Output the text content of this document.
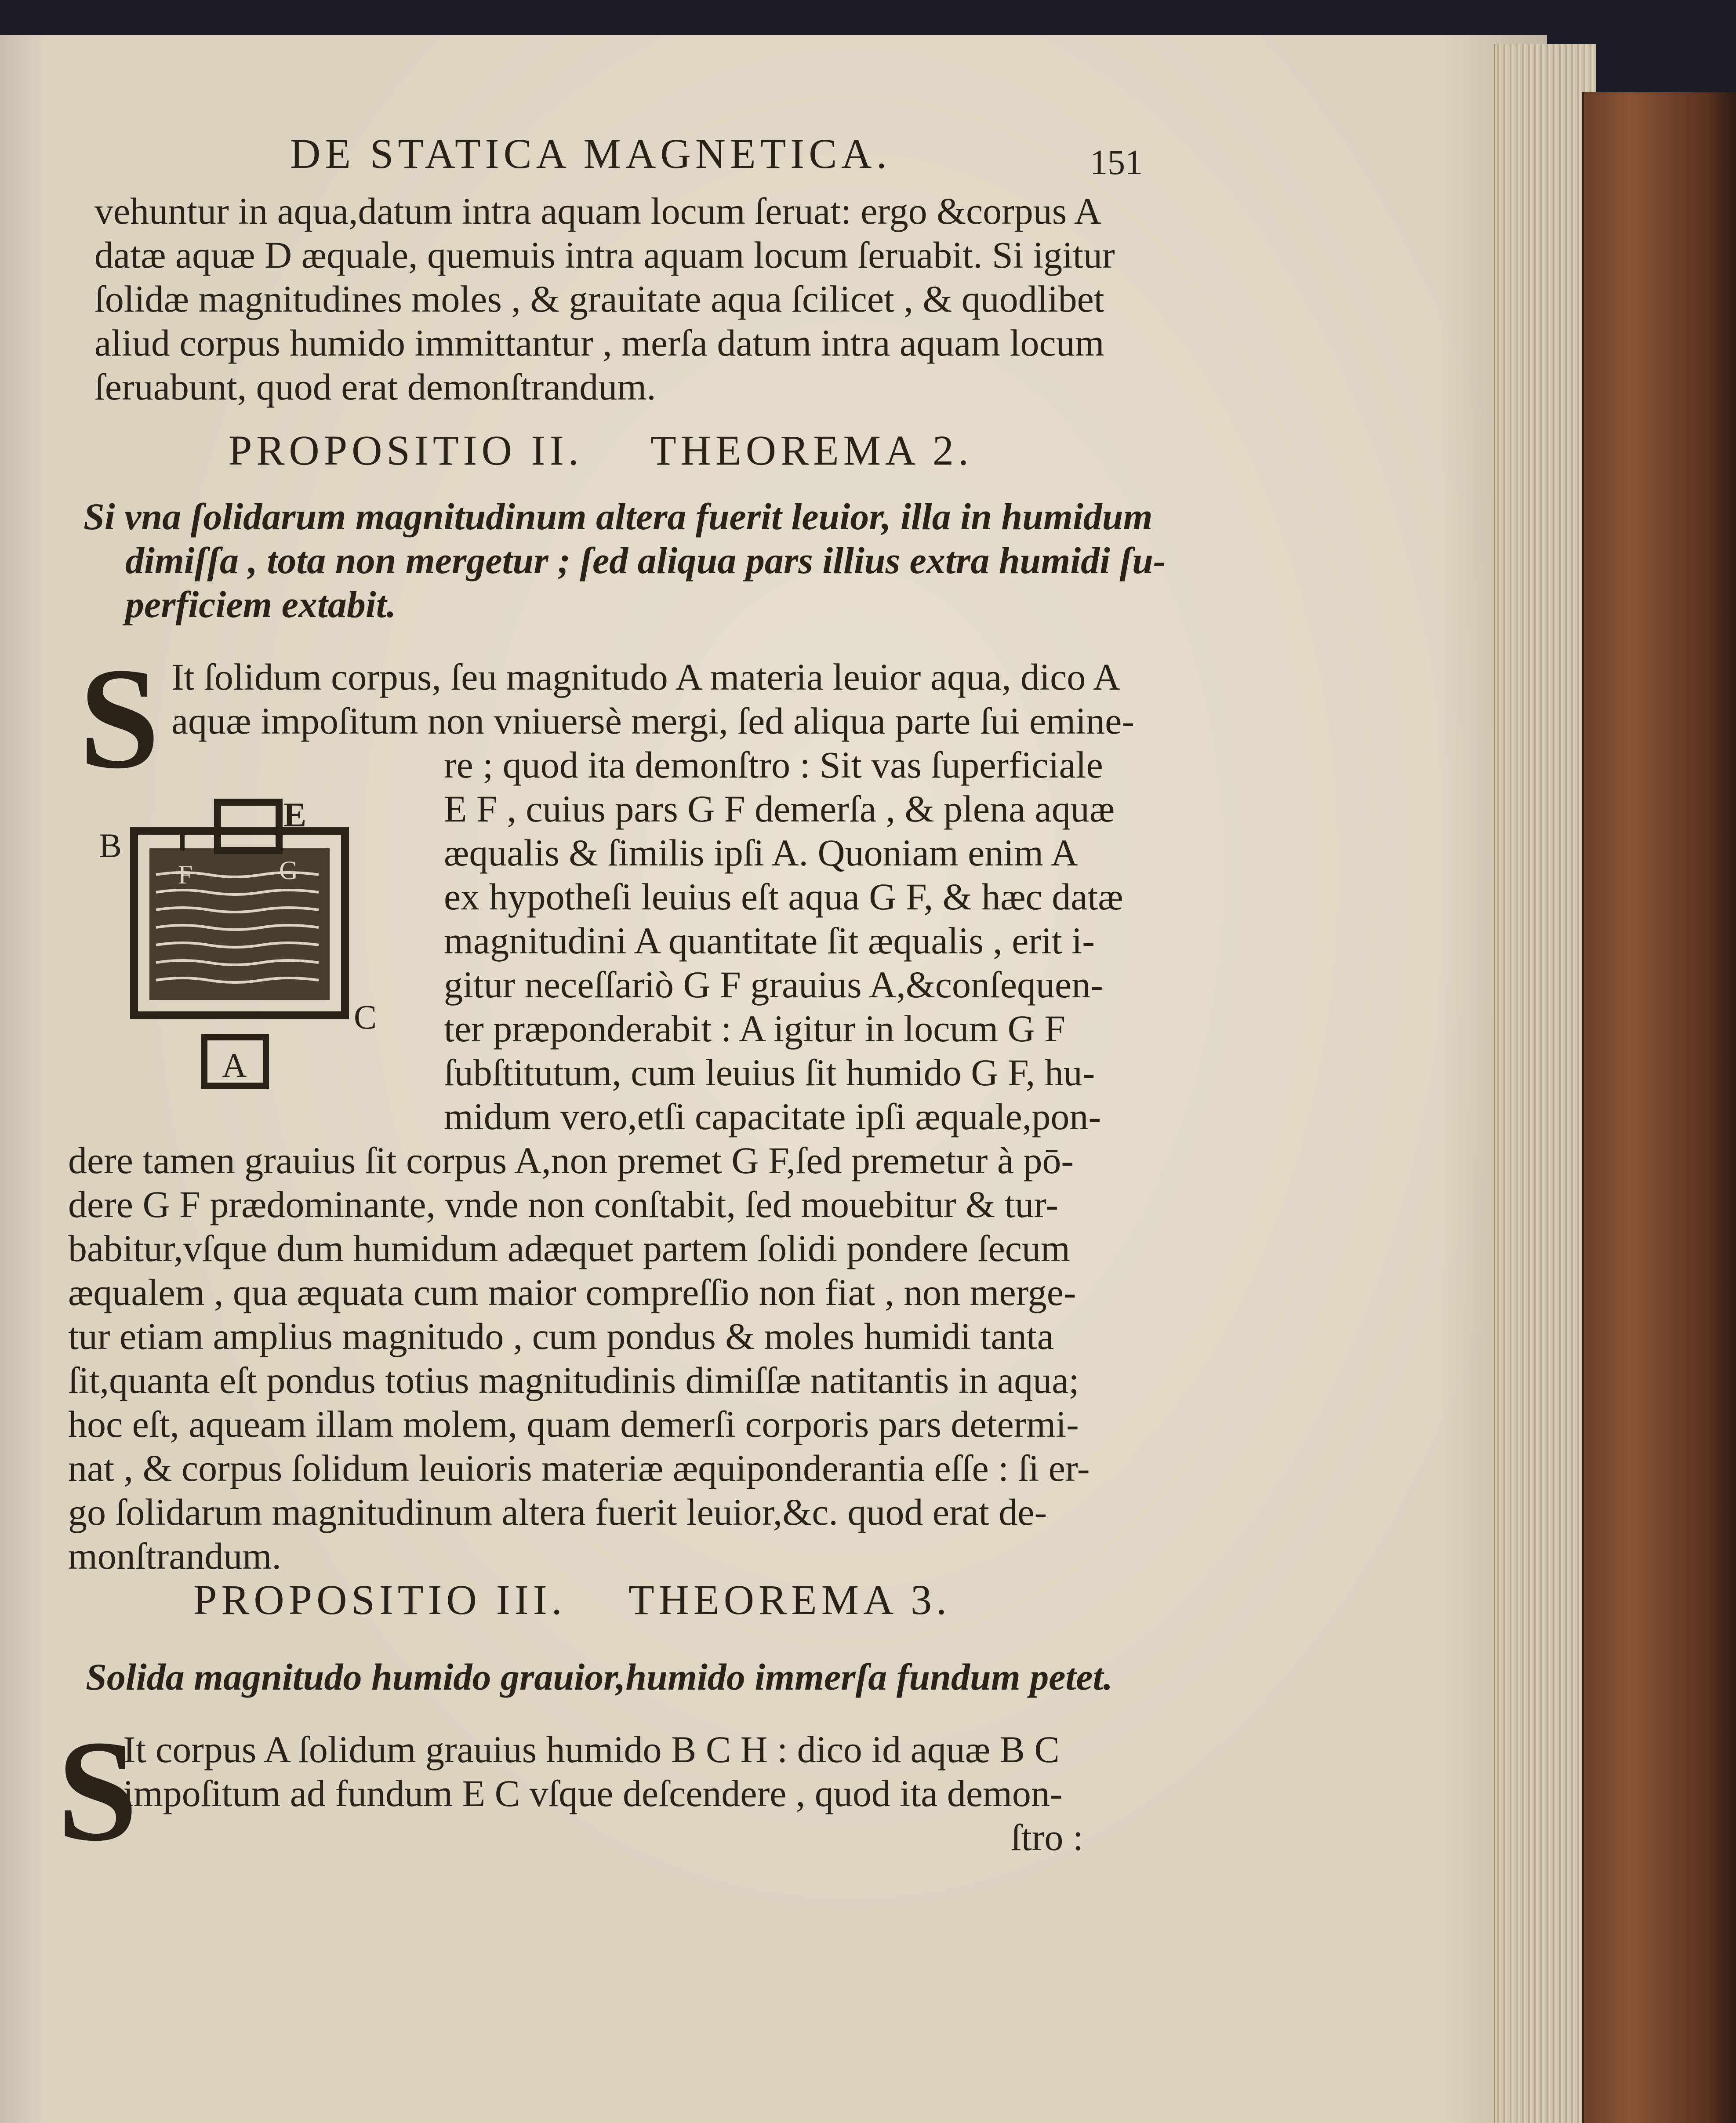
DE STATICA MAGNETICA.	151
vehuntur in aqua,datum intra aquam locum ſeruat: ergo &corpus A
datæ aquæ D æquale, quemuis intra aquam locum ſeruabit. Si igitur
ſolidæ magnitudines moles , & grauitate aqua ſcilicet , & quodlibet
aliud corpus humido immittantur , merſa datum intra aquam locum
ſeruabunt, quod erat demonſtrandum.
PROPOSITIO II. THEOREMA 2.
Si vna ſolidarum magnitudinum altera fuerit leuior, illa in humidum
dimiſſa , tota non mergetur ; ſed aliqua pars illius extra humidi ſu-
perficiem extabit.
S It ſolidum corpus, ſeu magnitudo A materia leuior aqua, dico A
aquæ impoſitum non vniuersè mergi, ſed aliqua parte ſui emine-
re ; quod ita demonſtro : Sit vas ſuperficiale
E F , cuius pars G F demerſa , & plena aquæ
æqualis & ſimilis ipſi A. Quoniam enim A
ex hypotheſi leuius eſt aqua G F, & hæc datæ
magnitudini A quantitate ſit æqualis , erit i-
gitur neceſſariò G F grauius A,&conſequen-
ter præponderabit : A igitur in locum G F
ſubſtitutum, cum leuius ſit humido G F, hu-
midum vero,etſi capacitate ipſi æquale,pon-
dere tamen grauius ſit corpus A,non premet G F,ſed premetur à pō-
dere G F prædominante, vnde non conſtabit, ſed mouebitur & tur-
babitur,vſque dum humidum adæquet partem ſolidi pondere ſecum
æqualem , qua æquata cum maior compreſſio non fiat , non merge-
tur etiam amplius magnitudo , cum pondus & moles humidi tanta
ſit,quanta eſt pondus totius magnitudinis dimiſſæ natitantis in aqua;
hoc eſt, aqueam illam molem, quam demerſi corporis pars determi-
nat , & corpus ſolidum leuioris materiæ æquiponderantia eſſe : ſi er-
go ſolidarum magnitudinum altera fuerit leuior,&c. quod erat de-
monſtrandum.
B
E
F	G
C
A
PROPOSITIO III. THEOREMA 3.
Solida magnitudo humido grauior,humido immerſa fundum petet.
S
It corpus A ſolidum grauius humido B C H : dico id aquæ B C
impoſitum ad fundum E C vſque deſcendere , quod ita demon-
ſtro :
